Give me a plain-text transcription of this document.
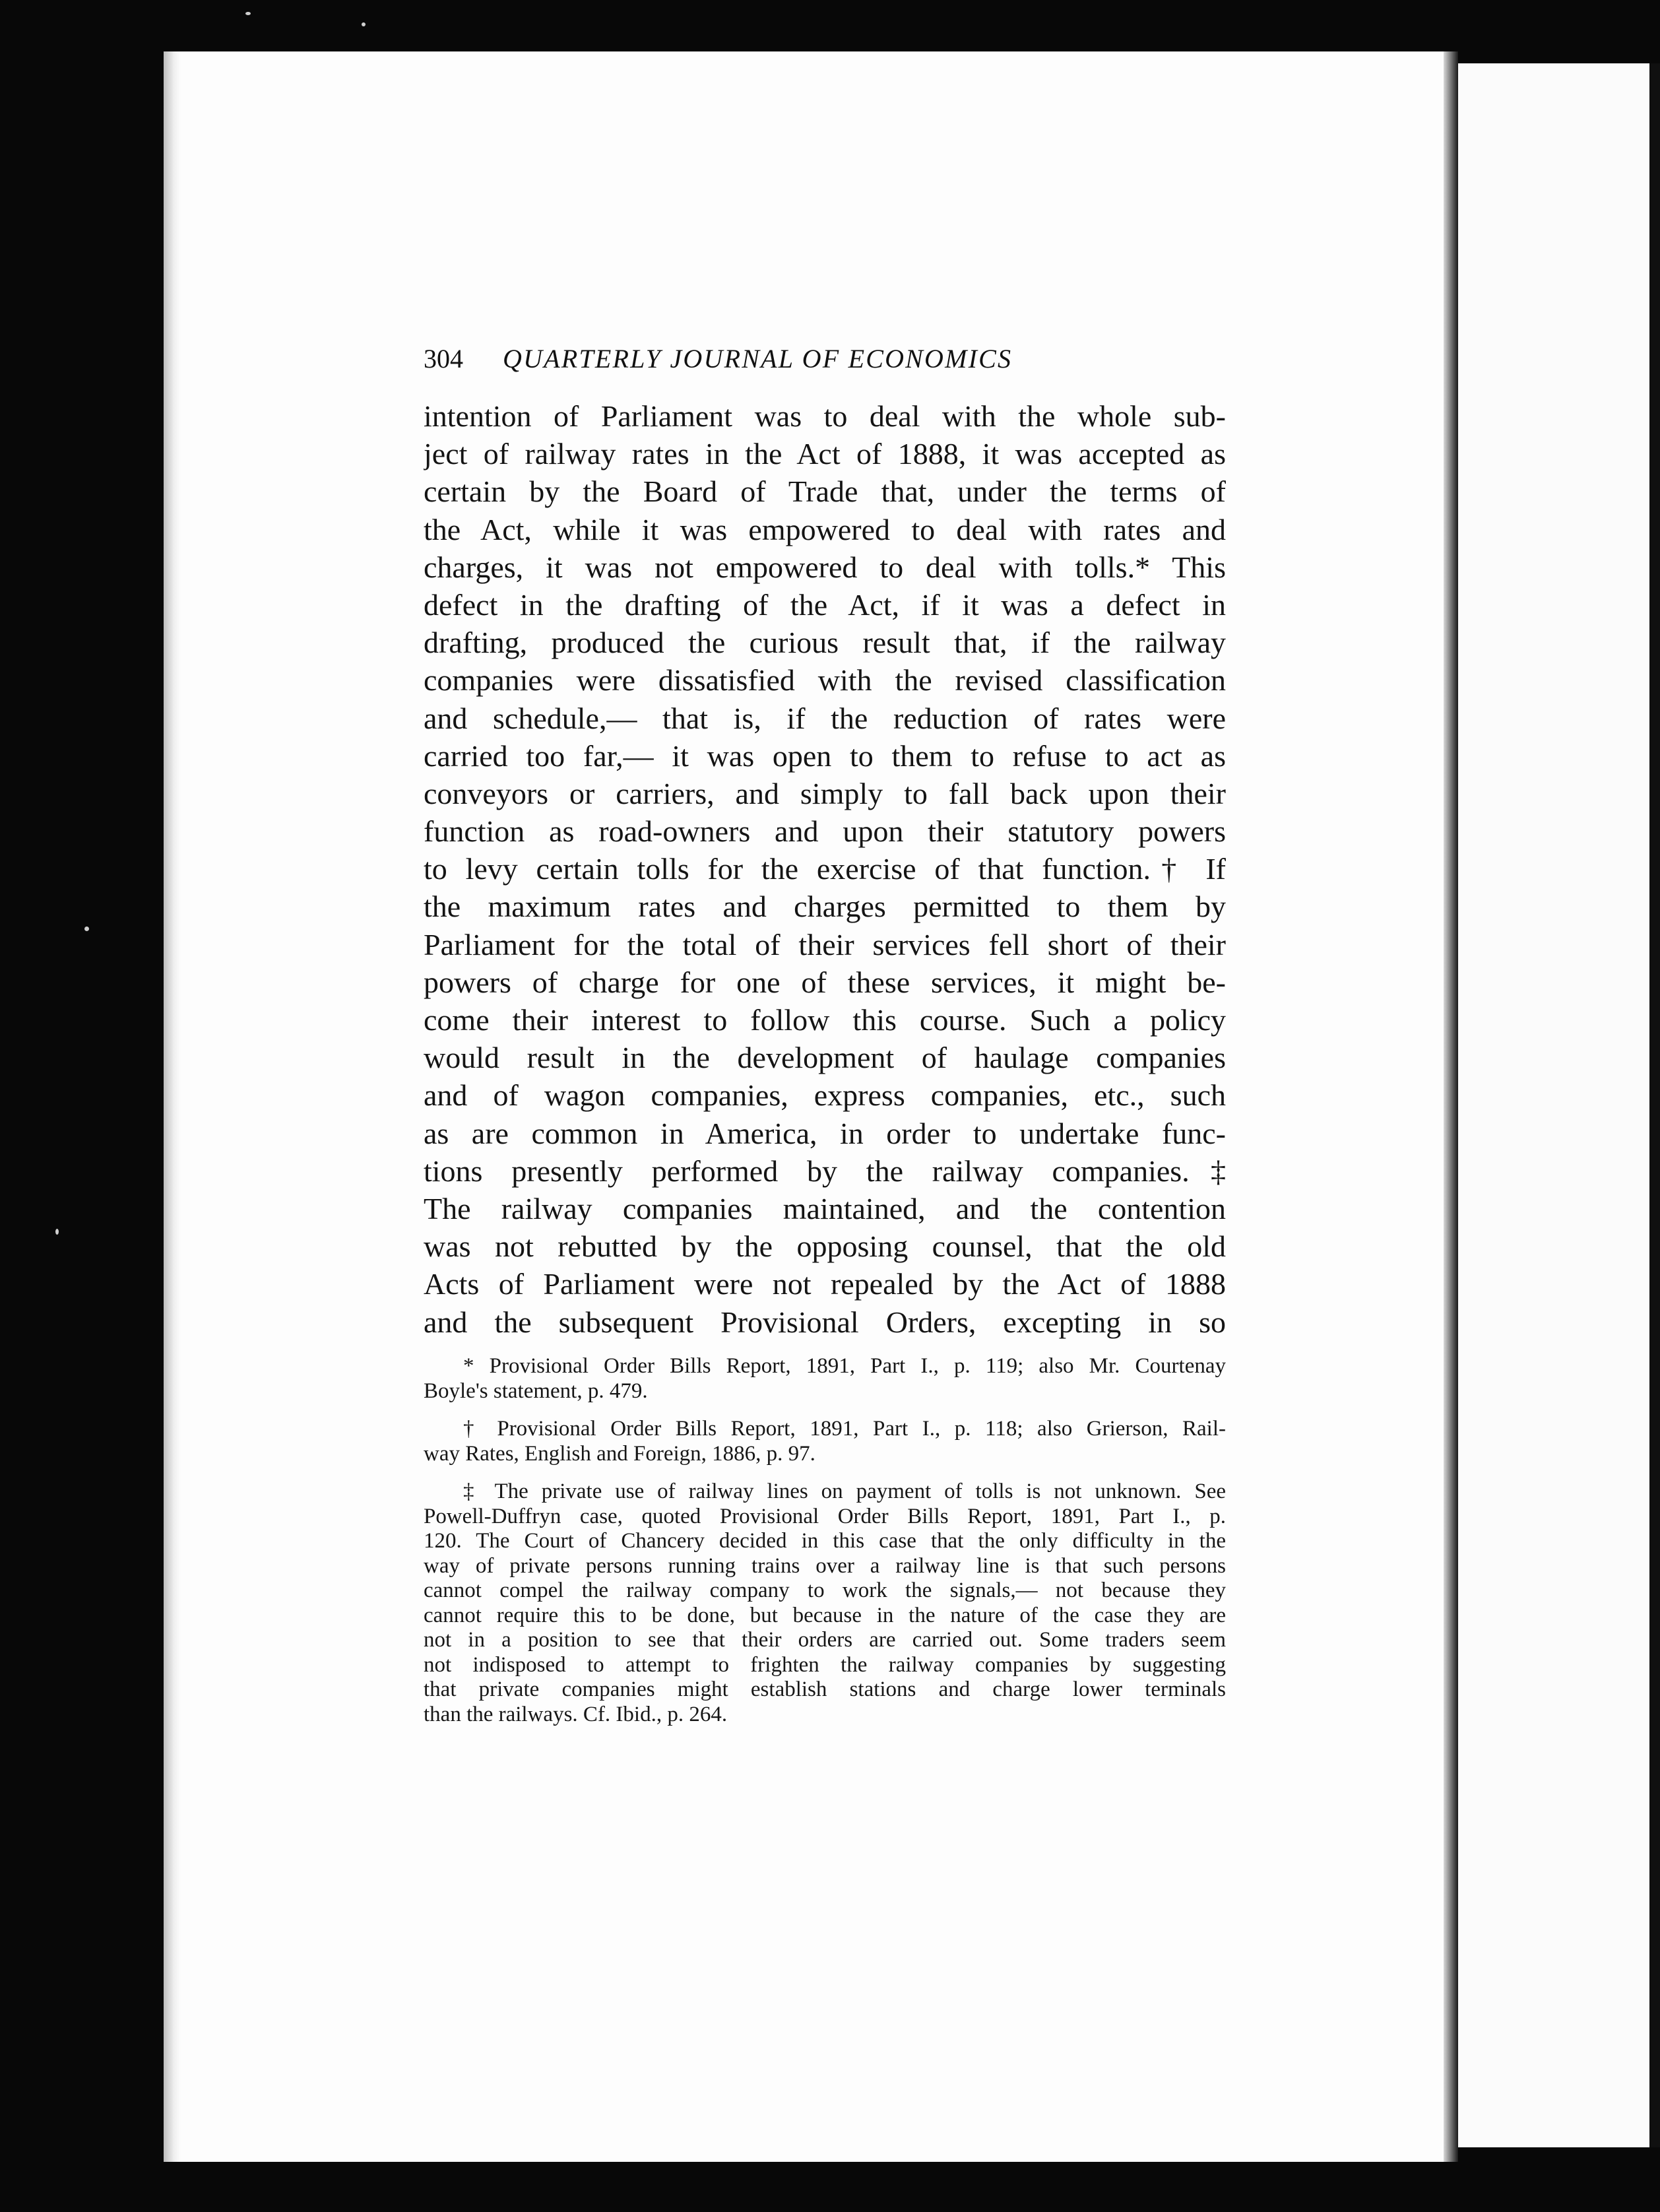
304 QUARTERLY JOURNAL OF ECONOMICS
intention of Parliament was to deal with the whole sub-
ject of railway rates in the Act of 1888, it was accepted as
certain by the Board of Trade that, under the terms of
the Act, while it was empowered to deal with rates and
charges, it was not empowered to deal with tolls.* This
defect in the drafting of the Act, if it was a defect in
drafting, produced the curious result that, if the railway
companies were dissatisfied with the revised classification
and schedule,— that is, if the reduction of rates were
carried too far,— it was open to them to refuse to act as
conveyors or carriers, and simply to fall back upon their
function as road-owners and upon their statutory powers
to levy certain tolls for the exercise of that function.† If
the maximum rates and charges permitted to them by
Parliament for the total of their services fell short of their
powers of charge for one of these services, it might be-
come their interest to follow this course. Such a policy
would result in the development of haulage companies
and of wagon companies, express companies, etc., such
as are common in America, in order to undertake func-
tions presently performed by the railway companies.‡
The railway companies maintained, and the contention
was not rebutted by the opposing counsel, that the old
Acts of Parliament were not repealed by the Act of 1888
and the subsequent Provisional Orders, excepting in so
* Provisional Order Bills Report, 1891, Part I., p. 119; also Mr. Courtenay
Boyle's statement, p. 479.
† Provisional Order Bills Report, 1891, Part I., p. 118; also Grierson, Rail-
way Rates, English and Foreign, 1886, p. 97.
‡ The private use of railway lines on payment of tolls is not unknown. See
Powell-Duffryn case, quoted Provisional Order Bills Report, 1891, Part I., p.
120. The Court of Chancery decided in this case that the only difficulty in the
way of private persons running trains over a railway line is that such persons
cannot compel the railway company to work the signals,— not because they
cannot require this to be done, but because in the nature of the case they are
not in a position to see that their orders are carried out. Some traders seem
not indisposed to attempt to frighten the railway companies by suggesting
that private companies might establish stations and charge lower terminals
than the railways. Cf. Ibid., p. 264.
